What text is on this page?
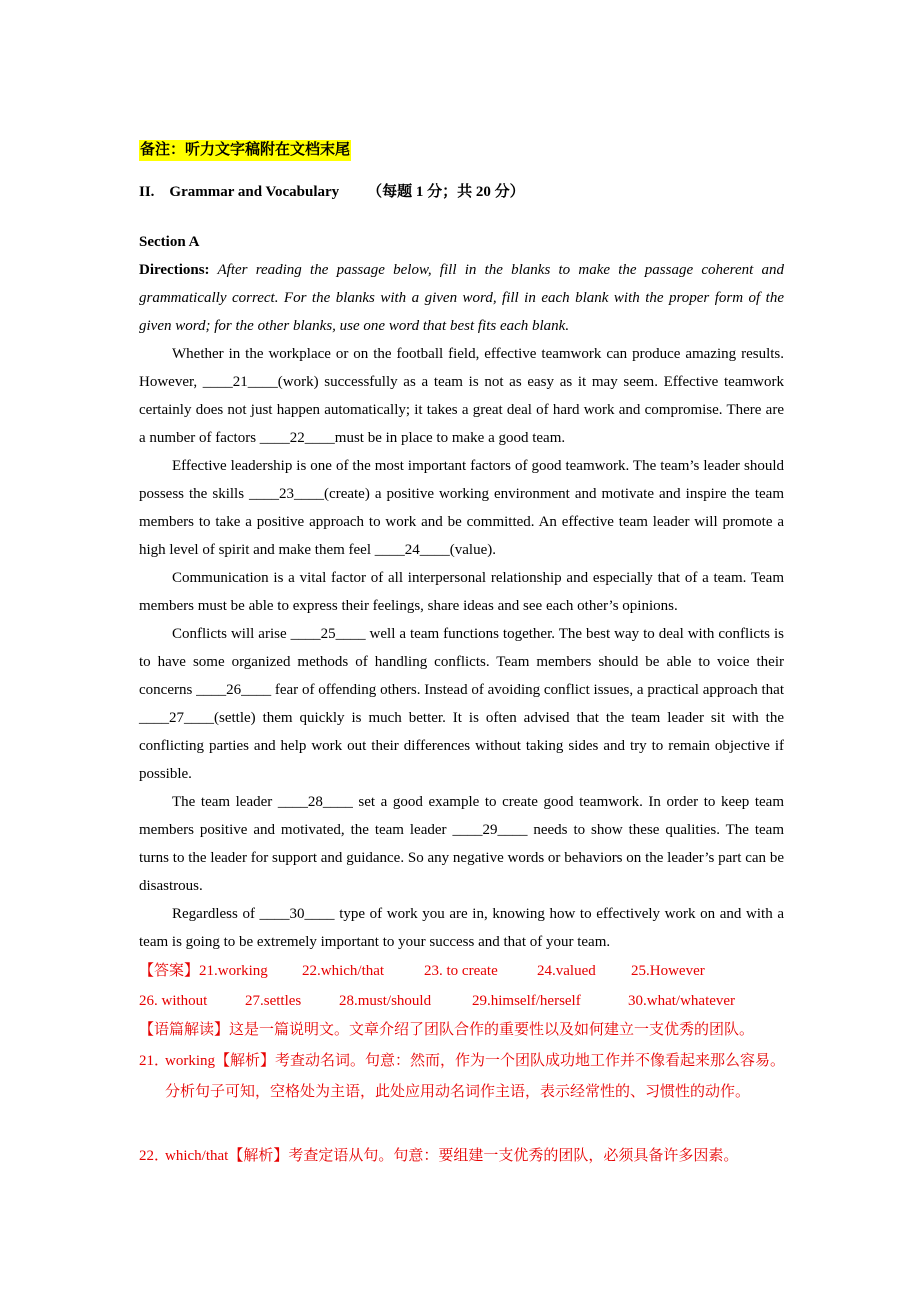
备注：听力文字稿附在文档末尾
II.    Grammar and Vocabulary （每题 1 分；共 20 分）
Section A

Directions: After reading the passage below, fill in the blanks to make the passage coherent and grammatically correct. For the blanks with a given word, fill in each blank with the proper form of the given word; for the other blanks, use one word that best fits each blank.

Whether in the workplace or on the football field, effective teamwork can produce amazing results. However, ____21____(work) successfully as a team is not as easy as it may seem. Effective teamwork certainly does not just happen automatically; it takes a great deal of hard work and compromise. There are a number of factors ____22____must be in place to make a good team.

Effective leadership is one of the most important factors of good teamwork. The team’s leader should possess the skills ____23____(create) a positive working environment and motivate and inspire the team members to take a positive approach to work and be committed. An effective team leader will promote a high level of spirit and make them feel ____24____(value).

Communication is a vital factor of all interpersonal relationship and especially that of a team. Team members must be able to express their feelings, share ideas and see each other’s opinions.

Conflicts will arise ____25____ well a team functions together. The best way to deal with conflicts is to have some organized methods of handling conflicts. Team members should be able to voice their concerns ____26____ fear of offending others. Instead of avoiding conflict issues, a practical approach that ____27____(settle) them quickly is much better. It is often advised that the team leader sit with the conflicting parties and help work out their differences without taking sides and try to remain objective if possible.

The team leader ____28____ set a good example to create good teamwork. In order to keep team members positive and motivated, the team leader ____29____ needs to show these qualities. The team turns to the leader for support and guidance. So any negative words or behaviors on the leader’s part can be disastrous.

Regardless of ____30____ type of work you are in, knowing how to effectively work on and with a team is going to be extremely important to your success and that of your team.

【答案】21.working 22.which/that	23. to create	24.valued 25.However
26. without	27.settles	28.must/should	29.himself/herself	30.what/whatever
【语篇解读】这是一篇说明文。文章介绍了团队合作的重要性以及如何建立一支优秀的团队。
21．
working【解析】考查动名词。句意：然而，作为一个团队成功地工作并不像看起来那么容易。分析句子可知，空格处为主语，此处应用动名词作主语，表示经常性的、习惯性的动作。
22．
which/that【解析】考查定语从句。句意：要组建一支优秀的团队，必须具备许多因素。
